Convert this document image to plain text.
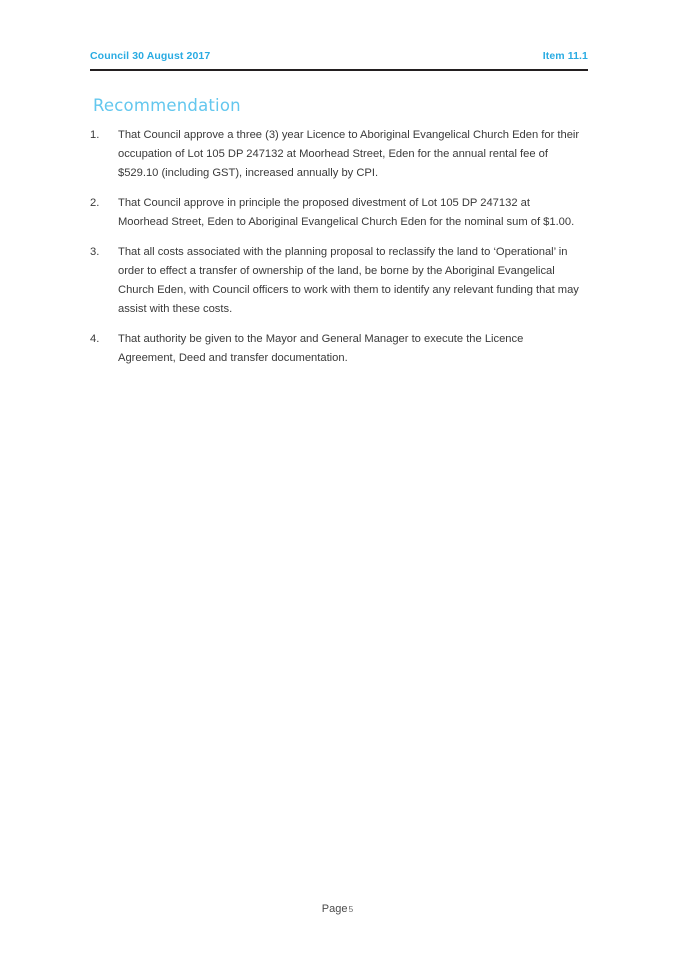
Council 30 August 2017	Item 11.1
Recommendation
1.	That Council approve a three (3) year Licence to Aboriginal Evangelical Church Eden for their occupation of Lot 105 DP 247132 at Moorhead Street, Eden for the annual rental fee of $529.10 (including GST), increased annually by CPI.
2.	That Council approve in principle the proposed divestment of Lot 105 DP 247132 at Moorhead Street, Eden to Aboriginal Evangelical Church Eden for the nominal sum of $1.00.
3.	That all costs associated with the planning proposal to reclassify the land to ‘Operational’ in order to effect a transfer of ownership of the land, be borne by the Aboriginal Evangelical Church Eden, with Council officers to work with them to identify any relevant funding that may assist with these costs.
4.	That authority be given to the Mayor and General Manager to execute the Licence Agreement, Deed and transfer documentation.
Page5
